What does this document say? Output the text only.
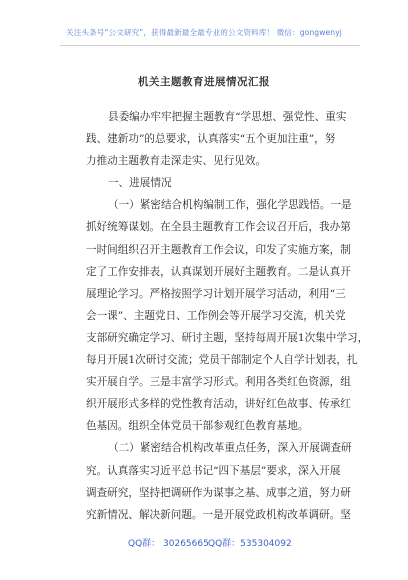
关注头条号“公文研究”，获得最新最全最专业的公文资料库！ 微信：gongwenyj
机关主题教育进展情况汇报
县委编办牢牢把握主题教育“学思想、强党性、重实
践、建新功”的总要求，认真落实“五个更加注重”，努
力推动主题教育走深走实、见行见效。
一、进展情况
（一）紧密结合机构编制工作，强化学思践悟。一是
抓好统筹谋划。在全县主题教育工作会议召开后，我办第
一时间组织召开主题教育工作会议，印发了实施方案，制
定了工作安排表，认真谋划开展好主题教育。二是认真开
展理论学习。严格按照学习计划开展学习活动，利用“三
会一课”、主题党日、工作例会等开展学习交流，机关党
支部研究确定学习、研讨主题，坚持每周开展1次集中学习，
每月开展1次研讨交流；党员干部制定个人自学计划表，扎
实开展自学。三是丰富学习形式。利用各类红色资源，组
织开展形式多样的党性教育活动，讲好红色故事、传承红
色基因。组织全体党员干部参观红色教育基地。
（二）紧密结合机构改革重点任务，深入开展调查研
究。认真落实习近平总书记“四下基层”要求，深入开展
调查研究，坚持把调研作为谋事之基、成事之道，努力研
究新情况、解决新问题。一是开展党政机构改革调研。坚
QQ群： 30265665 QQ群：535304092
